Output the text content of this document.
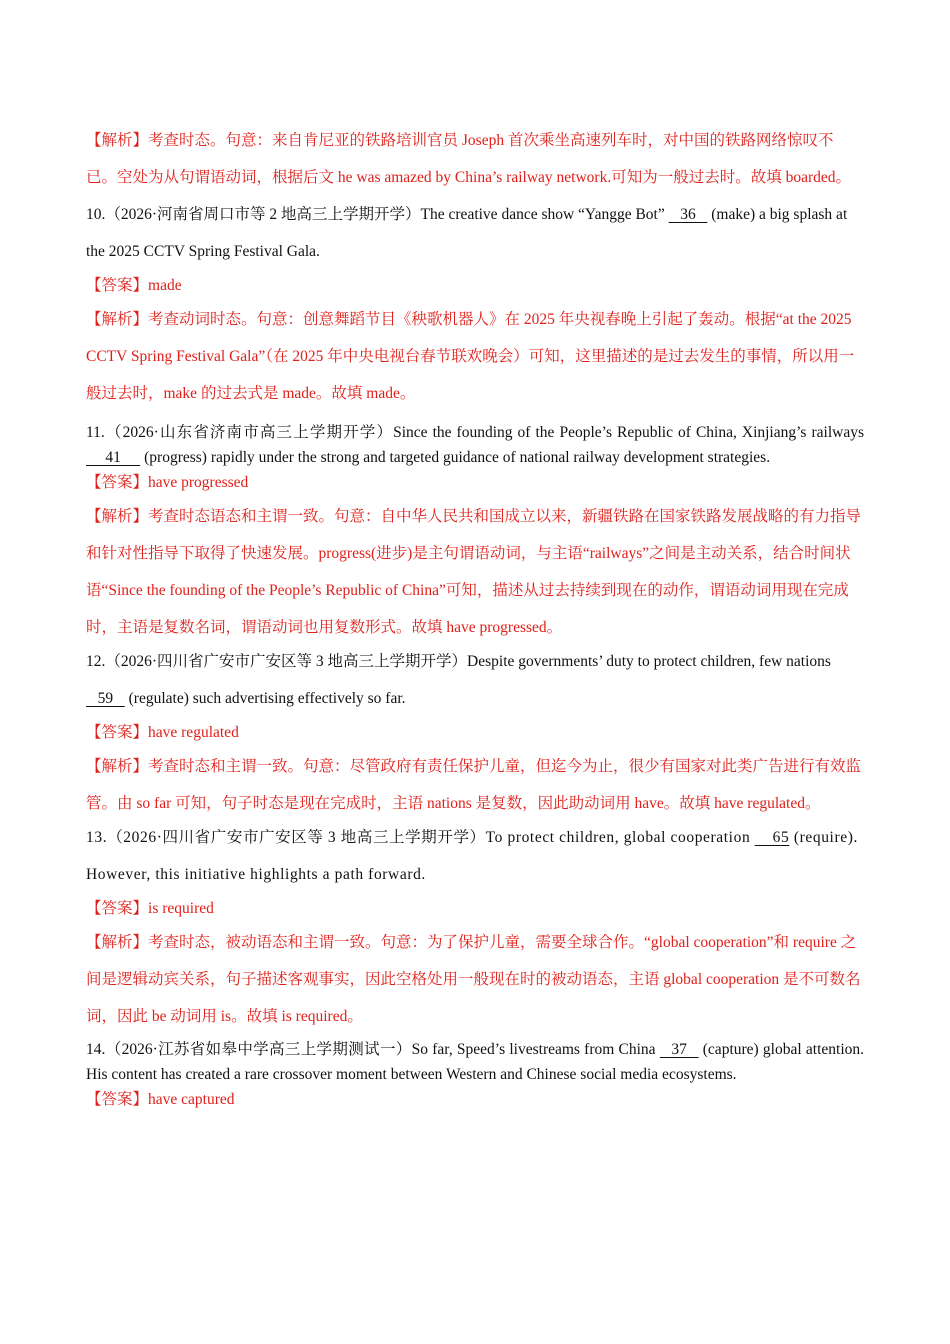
【解析】考查时态。句意：来自肯尼亚的铁路培训官员 Joseph 首次乘坐高速列车时，对中国的铁路网络惊叹不已。空处为从句谓语动词，根据后文 he was amazed by China’s railway network.可知为一般过去时。故填 boarded。

10.（2026·河南省周口市等 2 地高三上学期开学）The creative dance show “Yangge Bot”    36    (make) a big splash at the 2025 CCTV Spring Festival Gala.

【答案】made

【解析】考查动词时态。句意：创意舞蹈节目《秧歌机器人》在 2025 年央视春晚上引起了轰动。根据“at the 2025 CCTV Spring Festival Gala”（在 2025 年中央电视台春节联欢晚会）可知，这里描述的是过去发生的事情，所以用一般过去时，make 的过去式是 made。故填 made。

11.（2026·山东省济南市高三上学期开学）Since the founding of the People’s Republic of China, Xinjiang’s railways      41      (progress) rapidly under the strong and targeted guidance of national railway development strategies.

【答案】have progressed

【解析】考查时态语态和主谓一致。句意：自中华人民共和国成立以来，新疆铁路在国家铁路发展战略的有力指导和针对性指导下取得了快速发展。progress(进步)是主句谓语动词，与主语“railways”之间是主动关系，结合时间状语“Since the founding of the People’s Republic of China”可知，描述从过去持续到现在的动作，谓语动词用现在完成时，主语是复数名词，谓语动词也用复数形式。故填 have progressed。

12.（2026·四川省广安市广安区等 3 地高三上学期开学）Despite governments’ duty to protect children, few nations    59    (regulate) such advertising effectively so far.

【答案】have regulated

【解析】考查时态和主谓一致。句意：尽管政府有责任保护儿童，但迄今为止，很少有国家对此类广告进行有效监管。由 so far 可知，句子时态是现在完成时，主语 nations 是复数，因此助动词用 have。故填 have regulated。

13.（2026·四川省广安市广安区等 3 地高三上学期开学）To protect children, global cooperation     65 (require). However, this initiative highlights a path forward.

【答案】is required

【解析】考查时态，被动语态和主谓一致。句意：为了保护儿童，需要全球合作。“global cooperation”和 require 之间是逻辑动宾关系，句子描述客观事实，因此空格处用一般现在时的被动语态，主语 global cooperation 是不可数名词，因此 be 动词用 is。故填 is required。

14.（2026·江苏省如皋中学高三上学期测试一）So far, Speed’s livestreams from China    37    (capture) global attention. His content has created a rare crossover moment between Western and Chinese social media ecosystems.

【答案】have captured
